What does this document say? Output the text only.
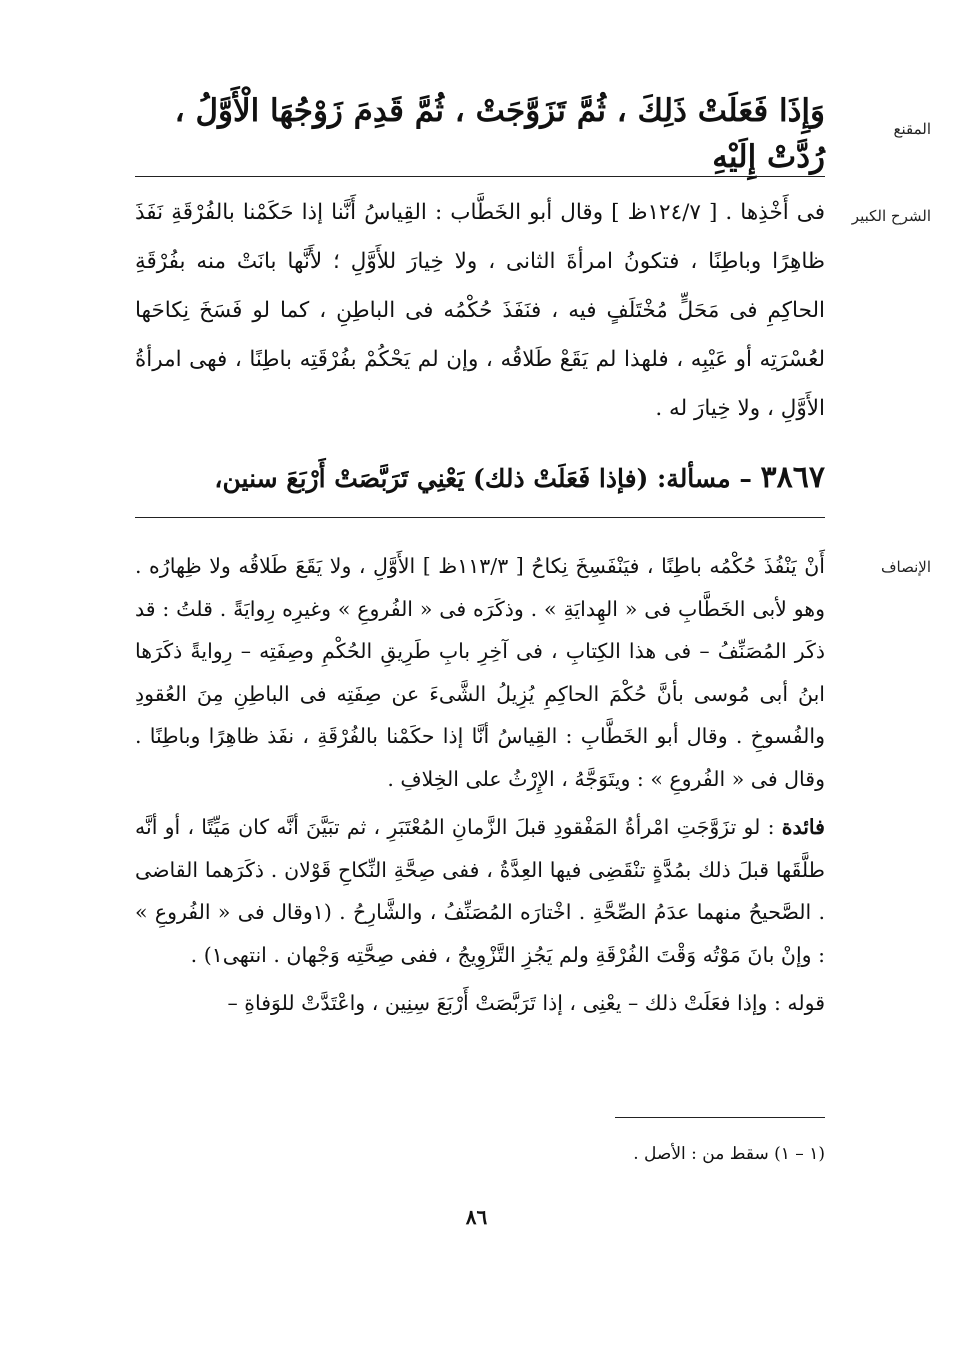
المقنع
وَإِذَا فَعَلَتْ ذَلِكَ ، ثُمَّ تَزَوَّجَتْ ، ثُمَّ قَدِمَ زَوْجُهَا الْأَوَّلُ ، رُدَّتْ إِلَيْهِ
الشرح الكبير

فى أَخْذِها . [ ١٢٤/٧ظ ] وقال أبو الخَطَّاب : القِياسُ أَنَّنا إذا حَكَمْنا بالفُرْقَةِ نَفَذَ ظاهِرًا وباطِنًا ، فتكونُ امرأةَ الثانى ، ولا خِيارَ للأَوَّلِ ؛ لأَنَّها بانَتْ منه بفُرْقَةِ الحاكِمِ فى مَحَلٍّ مُخْتَلَفٍ فيه ، فنَفَذَ حُكْمُه فى الباطِنِ ، كما لو فَسَخَ نِكاحَها لعُسْرَتِه أو عَيْبِه ، فلهذا لم يَقَعْ طَلاقُه ، وإن لم يَحْكُمْ بفُرْقَتِه باطِنًا ، فهى امرأةُ الأَوَّلِ ، ولا خِيارَ له .

٣٨٦٧ – مسألة: (فإذا فَعَلَتْ ذلك) يَعْنِي تَرَبَّصَتْ أَرْبَعَ سنين،
الإنصاف

أَنْ يَنْفُذَ حُكْمُه باطِنًا ، فيَنْفَسِخَ نِكاحُ [ ١١٣/٣ظ ] الأَوَّلِ ، ولا يَقَعَ طَلاقُه ولا ظِهارُه . وهو لأبى الخَطَّابِ فى « الهِدايَةِ » . وذكَرَه فى « الفُروعِ » وغيرِه رِوايَةً . قلتُ : قد ذكَر المُصَنِّفُ – فى هذا الكِتابِ ، فى آخِرِ بابِ طَرِيقِ الحُكْمِ وصِفَتِه – رِوايةً ذكَرَها ابنُ أبى مُوسى بأنَّ حُكْمَ الحاكِمِ يُزِيلُ الشَّىءَ عن صِفَتِه فى الباطِنِ مِنَ العُقودِ والفُسوخِ . وقال أبو الخَطَّابِ : القِياسُ أنَّا إذا حكَمْنا بالفُرْقَةِ ، نفَذ ظاهِرًا وباطِنًا . وقال فى « الفُروعِ » : ويتَوَجَّهُ ، الإِرْثُ على الخِلافِ .

فائدة : لو تزَوَّجَتِ امْرأةُ المَفْقودِ قبلَ الزَّمانِ المُعْتَبَرِ ، ثم تبَيَّنَ أنَّه كان مَيِّتًا ، أو أنَّه طلَّقَها قبلَ ذلك بمُدَّةٍ تنْقَضِى فيها العِدَّةُ ، ففى صِحَّةِ النِّكاحِ قَوْلان . ذكَرَهما القاضى . الصَّحيحُ منهما عدَمُ الصِّحَّةِ . اخْتارَه المُصَنِّفُ ، والشَّارِحُ . (١وقال فى « الفُروعِ » : وإنْ بانَ مَوْتُه وَقْتَ الفُرْقَةِ ولم يَجُزِ التَّزْوِيجُ ، ففى صِحَّتِه وَجْهان . انتهى١) .

قوله : وإذا فعَلَتْ ذلك – يعْنِى ، إذا تَرَبَّصَتْ أَرْبَعَ سِنِين ، واعْتَدَّتْ للوَفاةِ –

(١ – ١) سقط من : الأصل .
٨٦
